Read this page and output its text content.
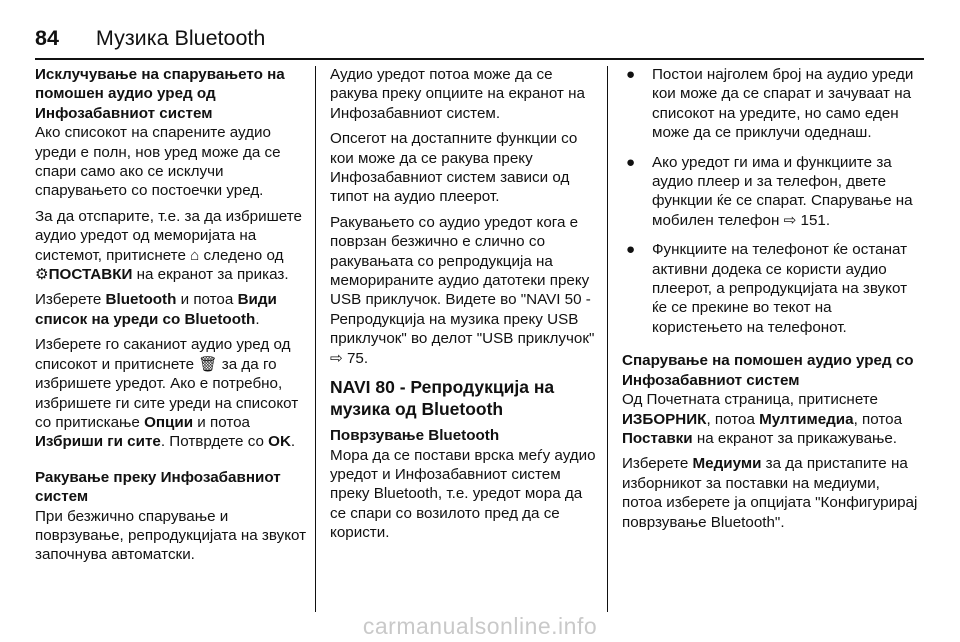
84 Музика Bluetooth

Исклучување на спарувањето на помошен аудио уред од Инфозабавниот систем

Ако списокот на спарените аудио уреди е полн, нов уред може да се спари само ако се исклучи спарувањето со постоечки уред.

За да отспарите, т.е. за да избришете аудио уредот од меморијата на системот, притиснете ⌂ следено од ⚙ПОСТАВКИ на екранот за приказ.

Изберете Bluetooth и потоа Види список на уреди со Bluetooth.

Изберете го саканиот аудио уред од списокот и притиснете 🗑 за да го избришете уредот. Ако е потребно, избришете ги сите уреди на списокот со притискање Опции и потоа Избриши ги сите. Потврдете со OK.

Ракување преку Инфозабавниот систем

При безжично спарување и поврзување, репродукцијата на звукот започнува автоматски.

Аудио уредот потоа може да се ракува преку опциите на екранот на Инфозабавниот систем.

Опсегот на достапните функции со кои може да се ракува преку Инфозабавниот систем зависи од типот на аудио плеерот.

Ракувањето со аудио уредот кога е поврзан безжично е слично со ракувањата со репродукција на меморираните аудио датотеки преку USB приклучок. Видете во "NAVI 50 - Репродукција на музика преку USB приклучок" во делот "USB приклучок" ⇨ 75.

NAVI 80 - Репродукција на музика од Bluetooth

Поврзување Bluetooth

Мора да се постави врска меѓу аудио уредот и Инфозабавниот систем преку Bluetooth, т.е. уредот мора да се спари со возилото пред да се користи.

● Постои најголем број на аудио уреди кои може да се спарат и зачуваат на списокот на уредите, но само еден може да се приклучи одеднаш.
● Ако уредот ги има и функциите за аудио плеер и за телефон, двете функции ќе се спарат. Спарување на мобилен телефон ⇨ 151.
● Функциите на телефонот ќе останат активни додека се користи аудио плеерот, а репродукцијата на звукот ќе се прекине во текот на користењето на телефонот.

Спарување на помошен аудио уред со Инфозабавниот систем

Од Почетната страница, притиснете ИЗБОРНИК, потоа Мултимедиа, потоа Поставки на екранот за прикажување.

Изберете Медиуми за да пристапите на изборникот за поставки на медиуми, потоа изберете ја опцијата "Конфигурирај поврзување Bluetooth".

carmanualsonline.info
